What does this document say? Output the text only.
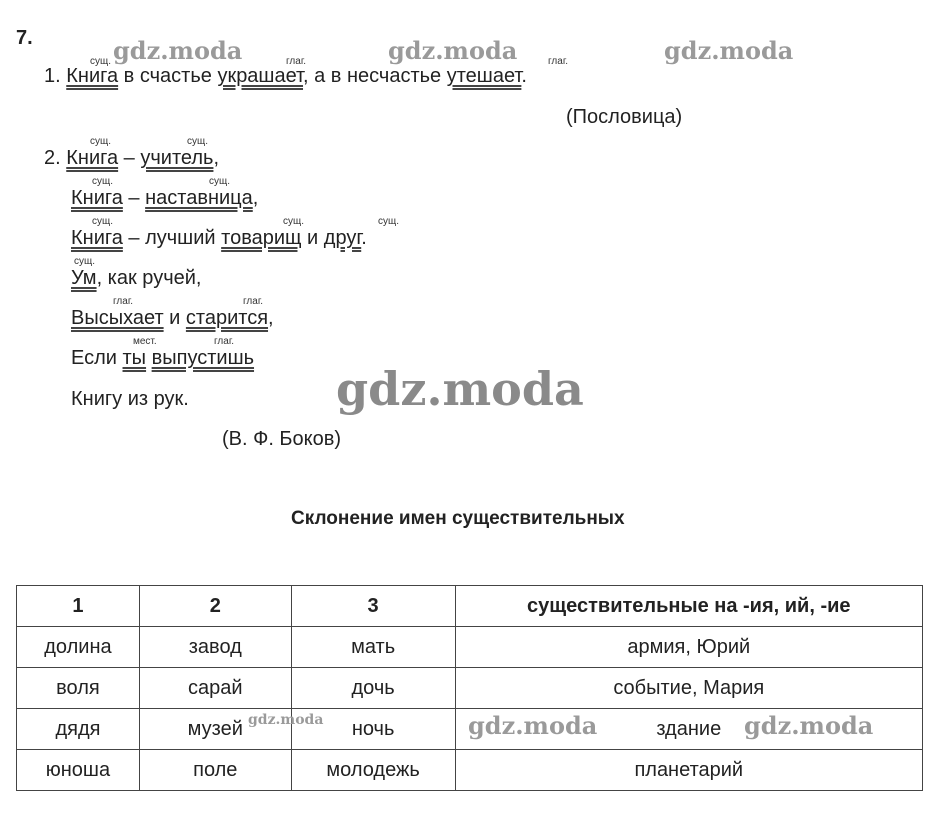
7.	gdz.moda	gdz.moda	gdz.moda
сущ.	глаг.	глаг.
1. Книга в счастье украшает, а в несчастье утешает.
(Пословица)
сущ.	сущ.
2. Книга – учитель,
сущ.	сущ.
Книга – наставница,
сущ.	сущ.	сущ.
Книга – лучший товарищ и друг.
сущ.
Ум, как ручей,
глаг.	глаг.
Высыхает и старится,
мест.	глаг.
Если ты выпустишь
Книгу из рук.	gdz.moda
(В. Ф. Боков)
Склонение имен существительных
1	2	3	существительные на -ия, ий, -ие
долина	завод	мать	армия, Юрий
воля	сарай	дочь	событие, Мария
дядя	музей	ночь	здание
юноша	поле	молодежь	планетарий
gdz.moda	gdz.moda	gdz.moda
